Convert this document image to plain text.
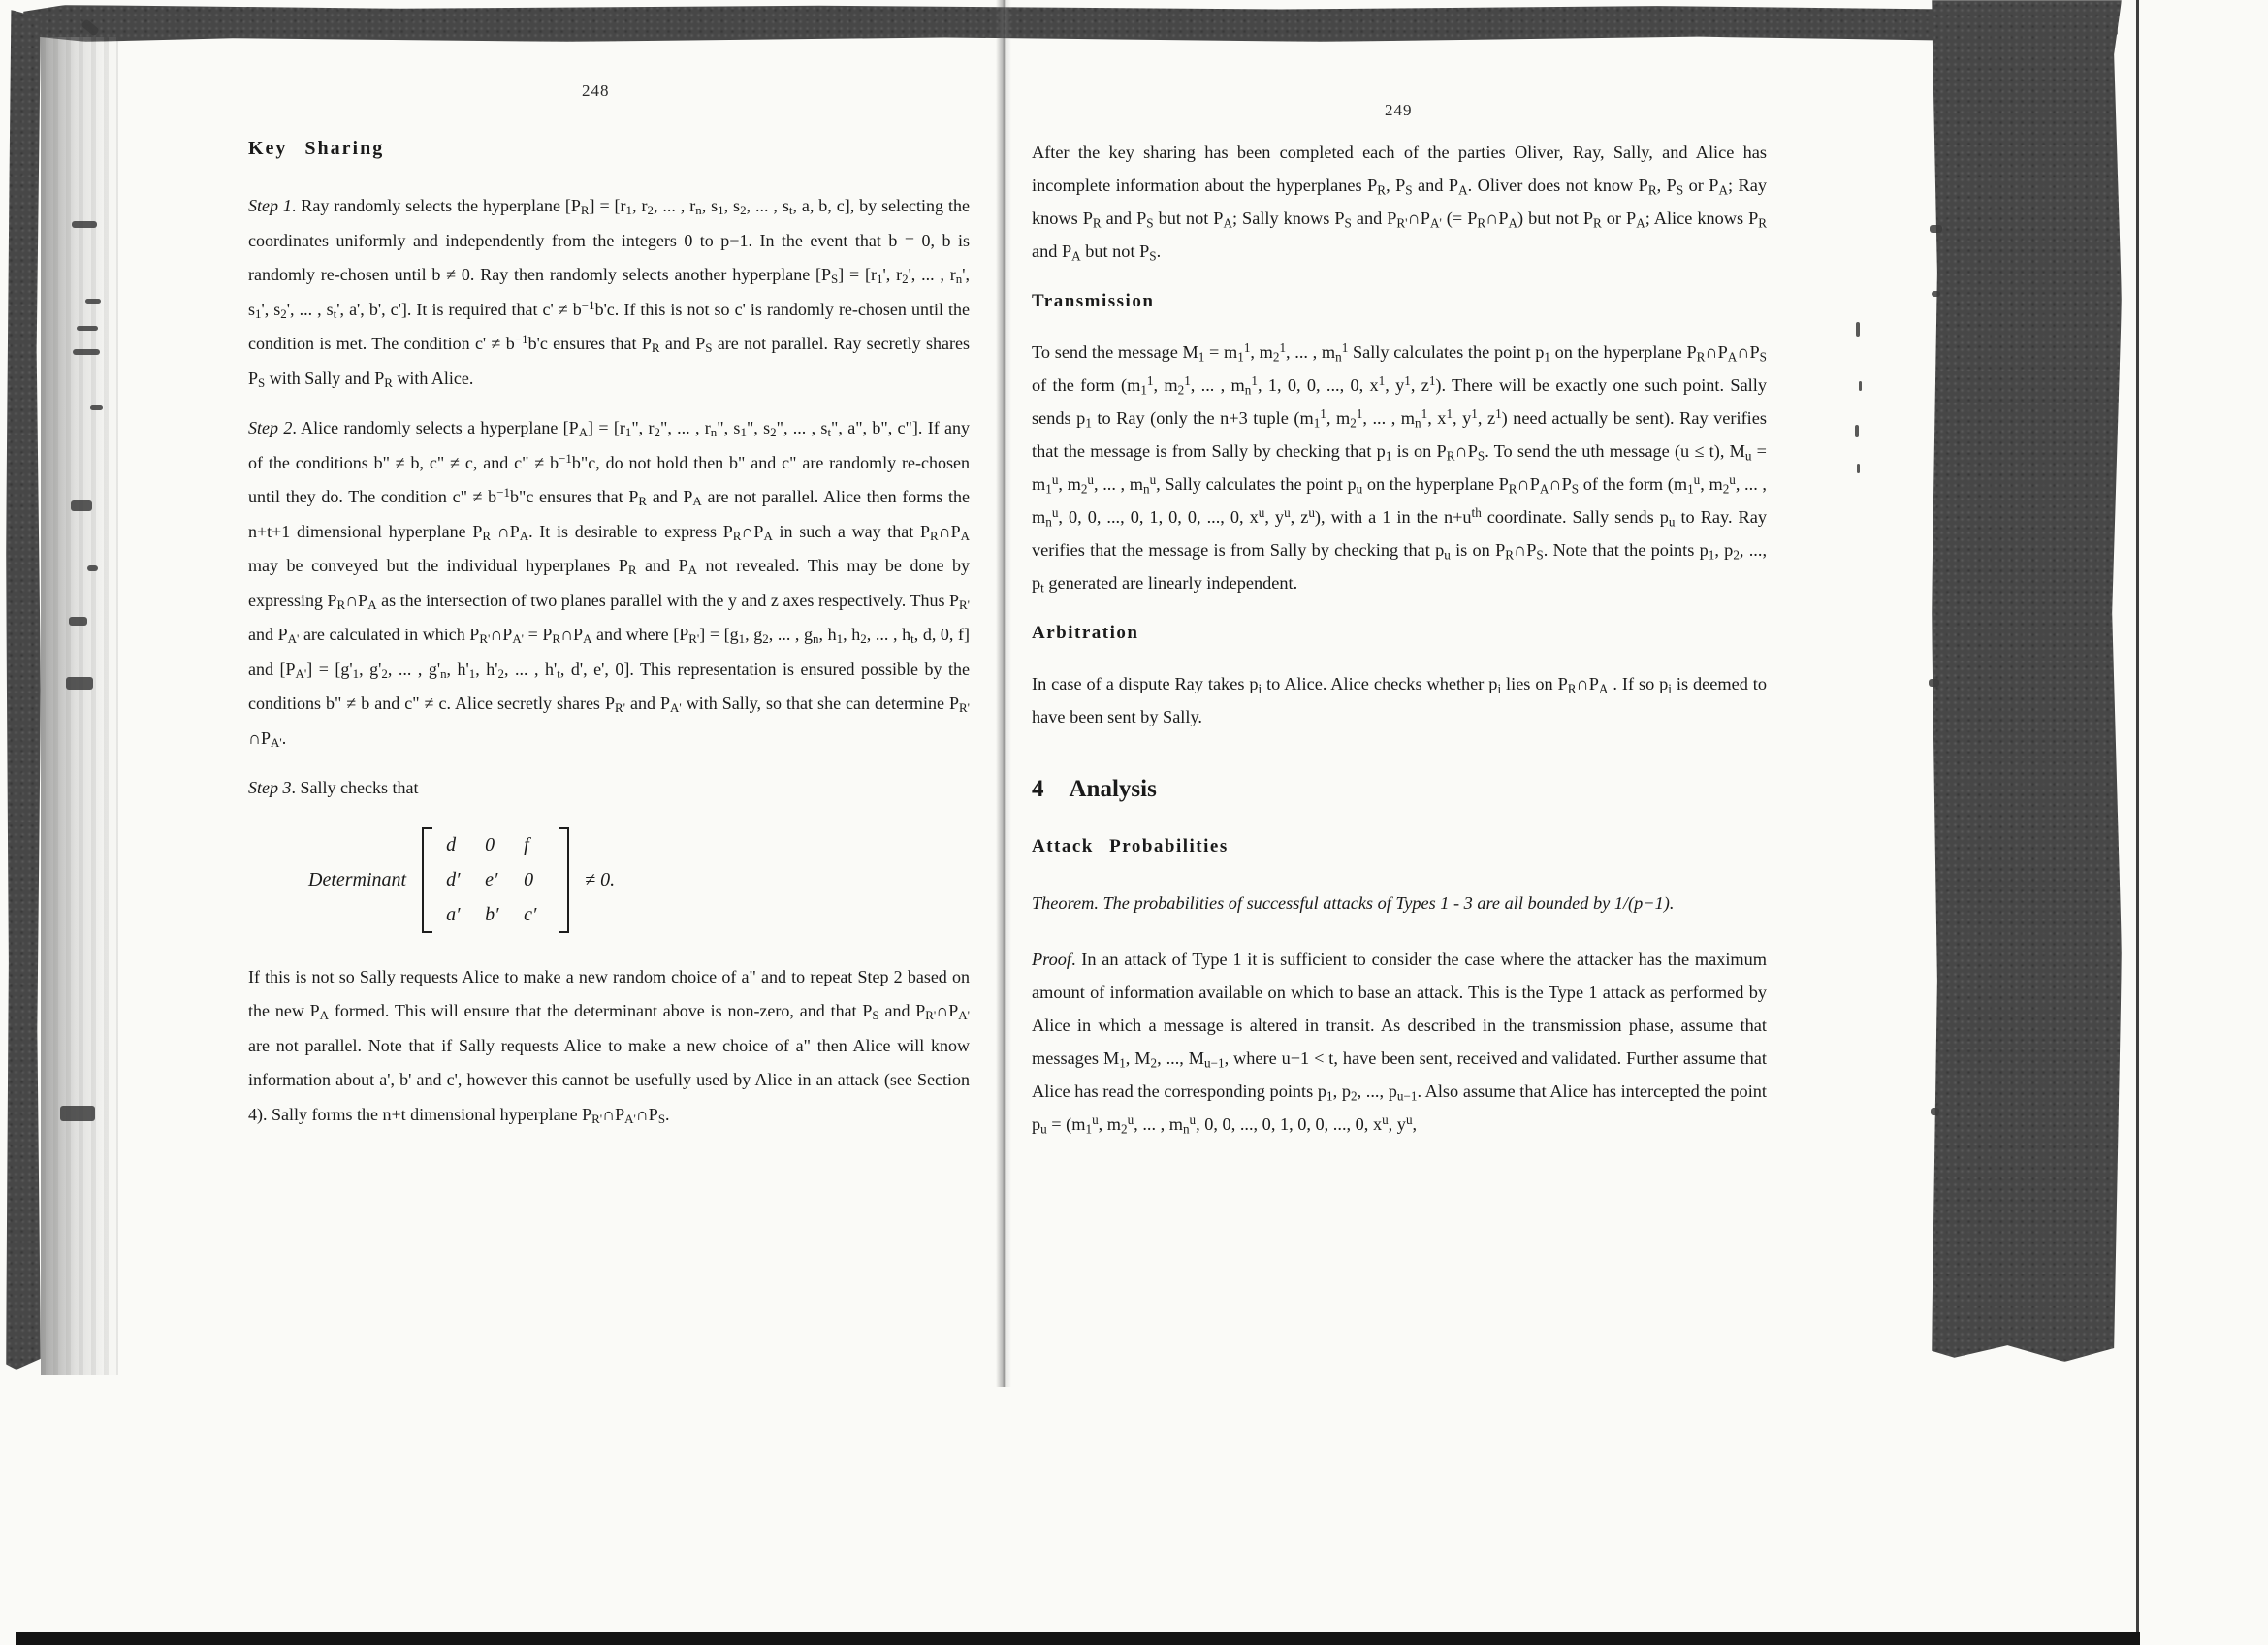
248
249
Key Sharing

Step 1. Ray randomly selects the hyperplane $[P_R] = [r_1$, $r_2$, ... , $r_n$, $s_1$, $s_2$, ... , $s_t$, a, b, c], by selecting the coordinates uniformly and independently from the integers 0 to p−1. In the event that b = 0, b is randomly re-chosen until b ≠ 0. Ray then randomly selects another hyperplane $[P_S] = [r_1'$, $r_2'$, ... , $r_n'$, $s_1'$, $s_2'$, ... , $s_t'$, a', b', c']. It is required that $c' \ne b^{-1}b'c$. If this is not so c' is randomly re-chosen until the condition is met. The condition $c' \ne b^{-1}b'c$ ensures that $P_R$ and $P_S$ are not parallel. Ray secretly shares $P_S$ with Sally and $P_R$ with Alice.

Step 2. Alice randomly selects a hyperplane $[P_A] = [r_1$", $r_2$", ... , $r_n$", $s_1$", $s_2$", ... , $s_t$", a", b", c"]. If any of the conditions b" ≠ b, c" ≠ c, and c" ≠ $b^{-1}b"c$, do not hold then b" and c" are randomly re-chosen until they do. The condition c" ≠ $b^{-1}b"c$ ensures that $P_R$ and $P_A$ are not parallel. Alice then forms the n+t+1 dimensional hyperplane $P_R$ $\cap P_A$. It is desirable to express $P_R\cap P_A$ in such a way that $P_R\cap P_A$ may be conveyed but the individual hyperplanes $P_R$ and $P_A$ not revealed. This may be done by expressing $P_R\cap P_A$ as the intersection of two planes parallel with the y and z axes respectively. Thus $P_{R'}$ and $P_{A'}$ are calculated in which $P_{R'}\cap P_{A'}$ = $P_R\cap P_A$ and where $[P_{R'}] = [g_1$, $g_2$, ... , $g_n$, $h_1$, $h_2$, ... , $h_t$, d, 0, f] and $[P_{A'}] = [g'_1$, $g'_2$, ... , $g'_n$, $h'_1$, $h'_2$, ... , $h'_t$, d', e', 0]. This representation is ensured possible by the conditions b" ≠ b and c" ≠ c. Alice secretly shares $P_{R'}$ and $P_{A'}$ with Sally, so that she can determine $P_{R'}$ $\cap P_{A'}$.

Step 3. Sally checks that

Determinant
d	0	f
d′	e′	0
a′	b′	c′
≠ 0.

If this is not so Sally requests Alice to make a new random choice of a" and to repeat Step 2 based on the new $P_A$ formed. This will ensure that the determinant above is non-zero, and that $P_S$ and $P_{R'}\cap P_{A'}$ are not parallel. Note that if Sally requests Alice to make a new choice of a" then Alice will know information about a', b' and c', however this cannot be usefully used by Alice in an attack (see Section 4). Sally forms the n+t dimensional hyperplane $P_{R'}\cap P_{A'}\cap P_S$.

After the key sharing has been completed each of the parties Oliver, Ray, Sally, and Alice has incomplete information about the hyperplanes $P_R$, $P_S$ and $P_A$. Oliver does not know $P_R$, $P_S$ or $P_A$; Ray knows $P_R$ and $P_S$ but not $P_A$; Sally knows $P_S$ and $P_{R'}\cap P_{A'}$ (= $P_R\cap P_A$) but not $P_R$ or $P_A$; Alice knows $P_R$ and $P_A$ but not $P_S$.

Transmission

To send the message $M_1 = m_1^1$, $m_2^1$, ... , $m_n^1$ Sally calculates the point $p_1$ on the hyperplane $P_R\cap P_A\cap P_S$ of the form ($m_1^1$, $m_2^1$, ... , $m_n^1$, 1, 0, 0, ..., 0, $x^1$, $y^1$, $z^1$). There will be exactly one such point. Sally sends $p_1$ to Ray (only the n+3 tuple ($m_1^1$, $m_2^1$, ... , $m_n^1$, $x^1$, $y^1$, $z^1$) need actually be sent). Ray verifies that the message is from Sally by checking that $p_1$ is on $P_R\cap P_S$. To send the uth message (u ≤ t), $M_u = m_1^u$, $m_2^u$, ... , $m_n^u$, Sally calculates the point $p_u$ on the hyperplane $P_R\cap P_A\cap P_S$ of the form ($m_1^u$, $m_2^u$, ... , $m_n^u$, 0, 0, ..., 0, 1, 0, 0, ..., 0, $x^u$, $y^u$, $z^u$), with a 1 in the $n+u^{th}$ coordinate. Sally sends $p_u$ to Ray. Ray verifies that the message is from Sally by checking that $p_u$ is on $P_R\cap P_S$. Note that the points $p_1$, $p_2$, ..., $p_t$ generated are linearly independent.

Arbitration

In case of a dispute Ray takes $p_i$ to Alice. Alice checks whether $p_i$ lies on $P_R\cap P_A$ . If so $p_i$ is deemed to have been sent by Sally.

4 Analysis
Attack Probabilities

Theorem. The probabilities of successful attacks of Types 1 - 3 are all bounded by 1/(p−1).

Proof. In an attack of Type 1 it is sufficient to consider the case where the attacker has the maximum amount of information available on which to base an attack. This is the Type 1 attack as performed by Alice in which a message is altered in transit. As described in the transmission phase, assume that messages $M_1$, $M_2$, ..., $M_{u-1}$, where u−1 < t, have been sent, received and validated. Further assume that Alice has read the corresponding points $p_1$, $p_2$, ..., $p_{u-1}$. Also assume that Alice has intercepted the point $p_u = (m_1^u$, $m_2^u$, ... , $m_n^u$, 0, 0, ..., 0, 1, 0, 0, ..., 0, $x^u$, $y^u$,
